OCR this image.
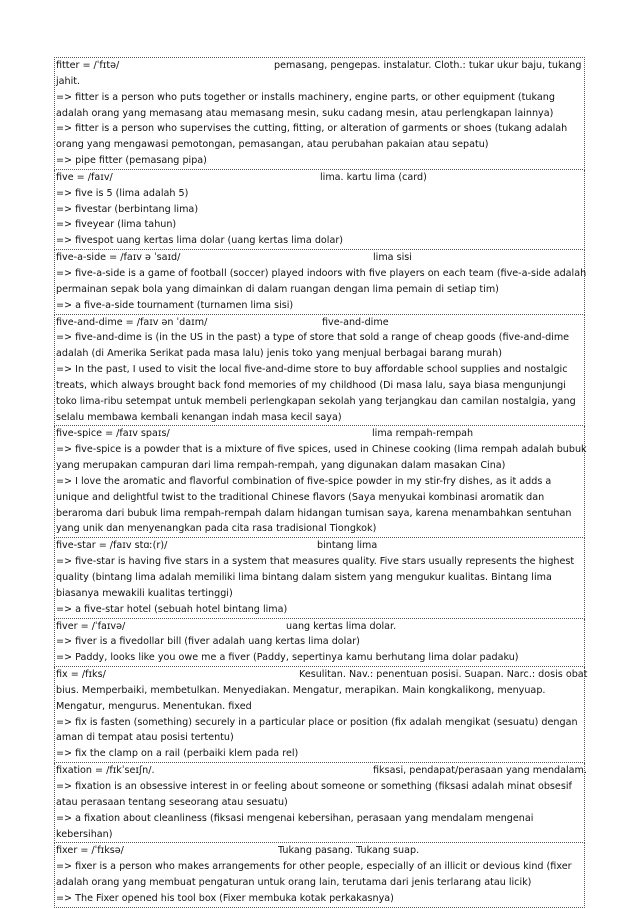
fitter = /ˈfɪtə/	pemasang, pengepas. instalatur. Cloth.: tukar ukur baju, tukang
jahit.
=> fitter is a person who puts together or installs machinery, engine parts, or other equipment (tukang
adalah orang yang memasang atau memasang mesin, suku cadang mesin, atau perlengkapan lainnya)
=> fitter is a person who supervises the cutting, fitting, or alteration of garments or shoes (tukang adalah
orang yang mengawasi pemotongan, pemasangan, atau perubahan pakaian atau sepatu)
=> pipe fitter (pemasang pipa)
five = /faɪv/	lima. kartu lima (card)
=> five is 5 (lima adalah 5)
=> fivestar (berbintang lima)
=> fiveyear (lima tahun)
=> fivespot uang kertas lima dolar (uang kertas lima dolar)
five-a-side = /faɪv ə ˈsaɪd/	lima sisi
=> five-a-side is a game of football (soccer) played indoors with five players on each team (five-a-side adalah
permainan sepak bola yang dimainkan di dalam ruangan dengan lima pemain di setiap tim)
=> a five-a-side tournament (turnamen lima sisi)
five-and-dime = /faɪv ən ˈdaɪm/	five-and-dime
=> five-and-dime is (in the US in the past) a type of store that sold a range of cheap goods (five-and-dime
adalah (di Amerika Serikat pada masa lalu) jenis toko yang menjual berbagai barang murah)
=> In the past, I used to visit the local five-and-dime store to buy affordable school supplies and nostalgic
treats, which always brought back fond memories of my childhood (Di masa lalu, saya biasa mengunjungi
toko lima-ribu setempat untuk membeli perlengkapan sekolah yang terjangkau dan camilan nostalgia, yang
selalu membawa kembali kenangan indah masa kecil saya)
five-spice = /faɪv spaɪs/	lima rempah-rempah
=> five-spice is a powder that is a mixture of five spices, used in Chinese cooking (lima rempah adalah bubuk
yang merupakan campuran dari lima rempah-rempah, yang digunakan dalam masakan Cina)
=> I love the aromatic and flavorful combination of five-spice powder in my stir-fry dishes, as it adds a
unique and delightful twist to the traditional Chinese flavors (Saya menyukai kombinasi aromatik dan
beraroma dari bubuk lima rempah-rempah dalam hidangan tumisan saya, karena menambahkan sentuhan
yang unik dan menyenangkan pada cita rasa tradisional Tiongkok)
five-star = /faɪv stɑː(r)/	bintang lima
=> five-star is having five stars in a system that measures quality. Five stars usually represents the highest
quality (bintang lima adalah memiliki lima bintang dalam sistem yang mengukur kualitas. Bintang lima
biasanya mewakili kualitas tertinggi)
=> a five-star hotel (sebuah hotel bintang lima)
fiver = /ˈfaɪvə/	uang kertas lima dolar.
=> fiver is a fivedollar bill (fiver adalah uang kertas lima dolar)
=> Paddy, looks like you owe me a fiver (Paddy, sepertinya kamu berhutang lima dolar padaku)
fix = /fɪks/	Kesulitan. Nav.: penentuan posisi. Suapan. Narc.: dosis obat
bius. Memperbaiki, membetulkan. Menyediakan. Mengatur, merapikan. Main kongkalikong, menyuap.
Mengatur, mengurus. Menentukan. fixed
=> fix is fasten (something) securely in a particular place or position (fix adalah mengikat (sesuatu) dengan
aman di tempat atau posisi tertentu)
=> fix the clamp on a rail (perbaiki klem pada rel)
fixation = /fɪkˈseɪʃn/.	fiksasi, pendapat/perasaan yang mendalam.
=> fixation is an obsessive interest in or feeling about someone or something (fiksasi adalah minat obsesif
atau perasaan tentang seseorang atau sesuatu)
=> a fixation about cleanliness (fiksasi mengenai kebersihan, perasaan yang mendalam mengenai
kebersihan)
fixer = /ˈfɪksə/	Tukang pasang. Tukang suap.
=> fixer is a person who makes arrangements for other people, especially of an illicit or devious kind (fixer
adalah orang yang membuat pengaturan untuk orang lain, terutama dari jenis terlarang atau licik)
=> The Fixer opened his tool box (Fixer membuka kotak perkakasnya)
